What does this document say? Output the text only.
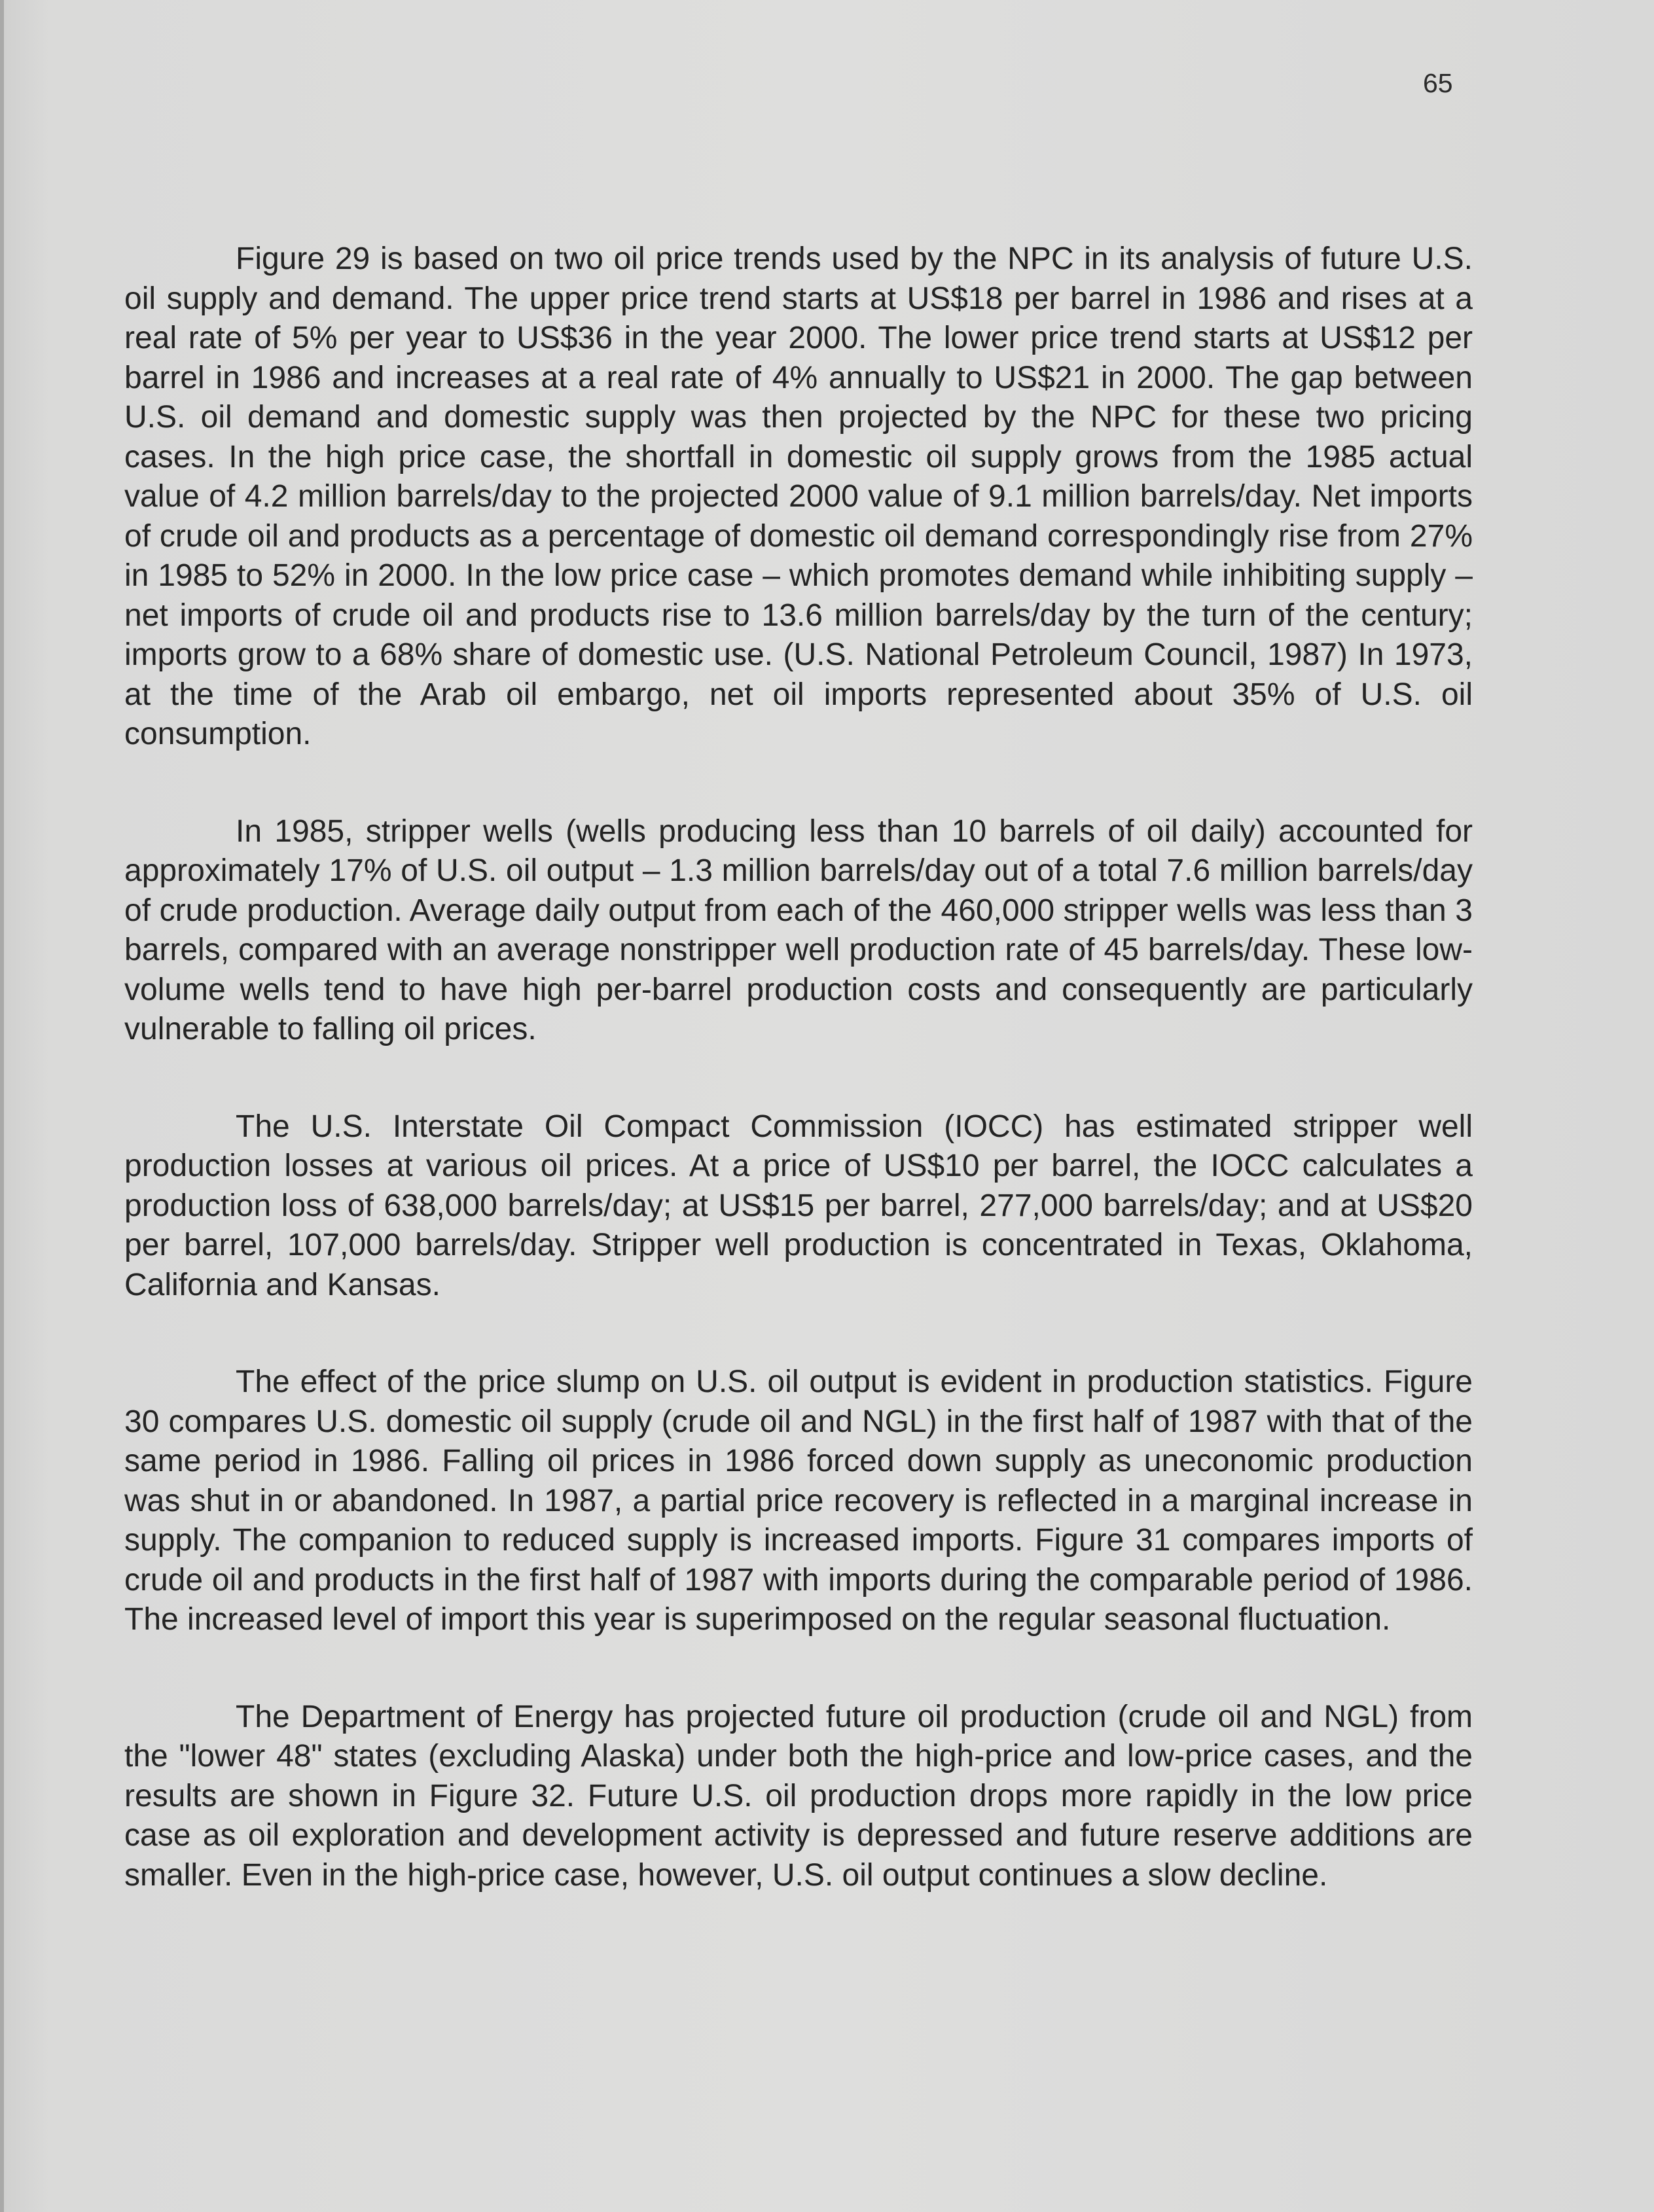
65

Figure 29 is based on two oil price trends used by the NPC in its analysis of future U.S. oil supply and demand. The upper price trend starts at US$18 per barrel in 1986 and rises at a real rate of 5% per year to US$36 in the year 2000. The lower price trend starts at US$12 per barrel in 1986 and increases at a real rate of 4% annually to US$21 in 2000. The gap between U.S. oil demand and domestic supply was then projected by the NPC for these two pricing cases. In the high price case, the shortfall in domestic oil supply grows from the 1985 actual value of 4.2 million barrels/day to the projected 2000 value of 9.1 million barrels/day. Net imports of crude oil and products as a percentage of domestic oil demand correspondingly rise from 27% in 1985 to 52% in 2000. In the low price case – which promotes demand while inhibiting supply – net imports of crude oil and products rise to 13.6 million barrels/day by the turn of the century; imports grow to a 68% share of domestic use. (U.S. National Petroleum Council, 1987) In 1973, at the time of the Arab oil embargo, net oil imports represented about 35% of U.S. oil consumption.

In 1985, stripper wells (wells producing less than 10 barrels of oil daily) accounted for approximately 17% of U.S. oil output – 1.3 million barrels/day out of a total 7.6 million barrels/day of crude production. Average daily output from each of the 460,000 stripper wells was less than 3 barrels, compared with an average nonstripper well production rate of 45 barrels/day. These low-volume wells tend to have high per-barrel production costs and consequently are particularly vulnerable to falling oil prices.

The U.S. Interstate Oil Compact Commission (IOCC) has estimated stripper well production losses at various oil prices. At a price of US$10 per barrel, the IOCC calculates a production loss of 638,000 barrels/day; at US$15 per barrel, 277,000 barrels/day; and at US$20 per barrel, 107,000 barrels/day. Stripper well production is concentrated in Texas, Oklahoma, California and Kansas.

The effect of the price slump on U.S. oil output is evident in production statistics. Figure 30 compares U.S. domestic oil supply (crude oil and NGL) in the first half of 1987 with that of the same period in 1986. Falling oil prices in 1986 forced down supply as uneconomic production was shut in or abandoned. In 1987, a partial price recovery is reflected in a marginal increase in supply. The companion to reduced supply is increased imports. Figure 31 compares imports of crude oil and products in the first half of 1987 with imports during the comparable period of 1986. The increased level of import this year is superimposed on the regular seasonal fluctuation.

The Department of Energy has projected future oil production (crude oil and NGL) from the "lower 48" states (excluding Alaska) under both the high-price and low-price cases, and the results are shown in Figure 32. Future U.S. oil production drops more rapidly in the low price case as oil exploration and development activity is depressed and future reserve additions are smaller. Even in the high-price case, however, U.S. oil output continues a slow decline.
